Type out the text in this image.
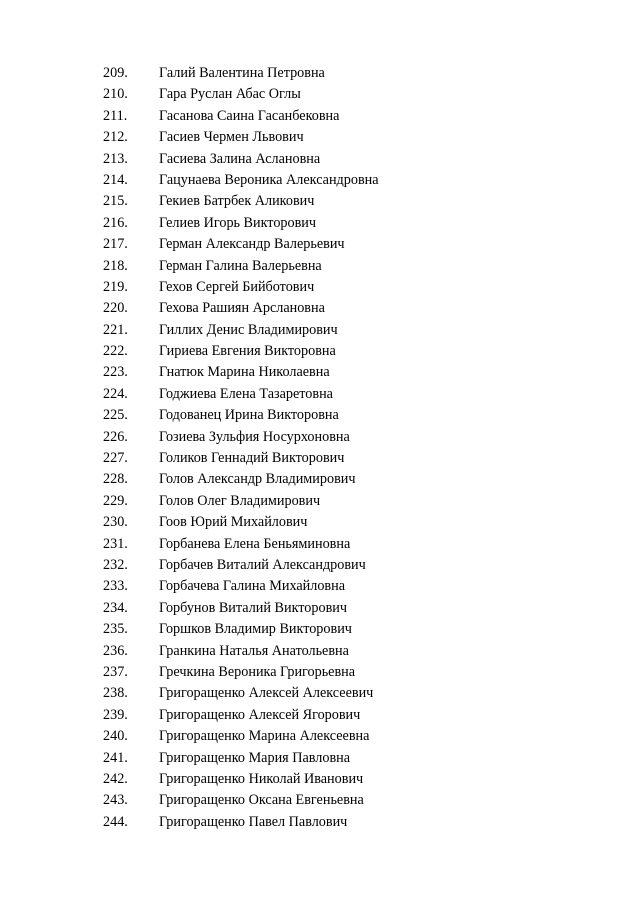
209. Галий Валентина Петровна
210. Гара Руслан Абас Оглы
211. Гасанова Саина Гасанбековна
212. Гасиев Чермен Львович
213. Гасиева Залина Аслановна
214. Гацунаева Вероника Александровна
215. Гекиев Батрбек Аликович
216. Гелиев Игорь Викторович
217. Герман Александр Валерьевич
218. Герман Галина Валерьевна
219. Гехов Сергей Бийботович
220. Гехова Рашиян Арслановна
221. Гиллих Денис Владимирович
222. Гириева Евгения Викторовна
223. Гнатюк Марина Николаевна
224. Годжиева Елена Тазаретовна
225. Годованец Ирина Викторовна
226. Гозиева Зульфия Носурхоновна
227. Голиков Геннадий Викторович
228. Голов Александр Владимирович
229. Голов Олег Владимирович
230. Гоов Юрий Михайлович
231. Горбанева Елена Беньяминовна
232. Горбачев Виталий Александрович
233. Горбачева Галина Михайловна
234. Горбунов Виталий Викторович
235. Горшков Владимир Викторович
236. Гранкина Наталья Анатольевна
237. Гречкина Вероника Григорьевна
238. Григоращенко Алексей Алексеевич
239. Григоращенко Алексей Ягорович
240. Григоращенко Марина Алексеевна
241. Григоращенко Мария Павловна
242. Григоращенко Николай Иванович
243. Григоращенко Оксана Евгеньевна
244. Григоращенко Павел Павлович
